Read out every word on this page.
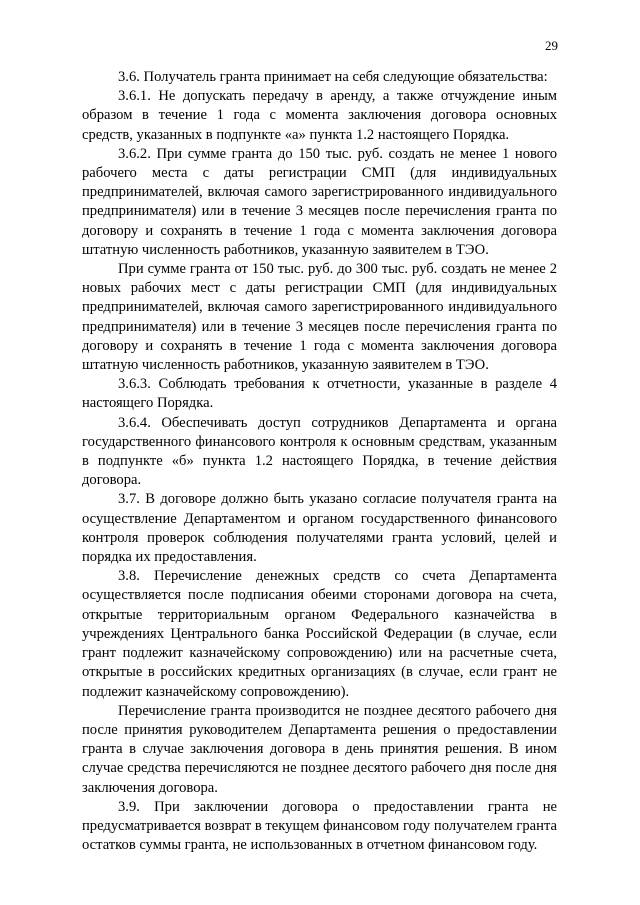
29

3.6. Получатель гранта принимает на себя следующие обязательства:

3.6.1. Не допускать передачу в аренду, а также отчуждение иным образом в течение 1 года с момента заключения договора основных средств, указанных в подпункте «а» пункта 1.2 настоящего Порядка.

3.6.2. При сумме гранта до 150 тыс. руб. создать не менее 1 нового рабочего места с даты регистрации СМП (для индивидуальных предпринимателей, включая самого зарегистрированного индивидуального предпринимателя) или в течение 3 месяцев после перечисления гранта по договору и сохранять в течение 1 года с момента заключения договора штатную численность работников, указанную заявителем в ТЭО.

При сумме гранта от 150 тыс. руб. до 300 тыс. руб. создать не менее 2 новых рабочих мест с даты регистрации СМП (для индивидуальных предпринимателей, включая самого зарегистрированного индивидуального предпринимателя) или в течение 3 месяцев после перечисления гранта по договору и сохранять в течение 1 года с момента заключения договора штатную численность работников, указанную заявителем в ТЭО.

3.6.3. Соблюдать требования к отчетности, указанные в разделе 4 настоящего Порядка.

3.6.4. Обеспечивать доступ сотрудников Департамента и органа государственного финансового контроля к основным средствам, указанным в подпункте «б» пункта 1.2 настоящего Порядка, в течение действия договора.

3.7. В договоре должно быть указано согласие получателя гранта на осуществление Департаментом и органом государственного финансового контроля проверок соблюдения получателями гранта условий, целей и порядка их предоставления.

3.8. Перечисление денежных средств со счета Департамента осуществляется после подписания обеими сторонами договора на счета, открытые территориальным органом Федерального казначейства в учреждениях Центрального банка Российской Федерации (в случае, если грант подлежит казначейскому сопровождению) или на расчетные счета, открытые в российских кредитных организациях (в случае, если грант не подлежит казначейскому сопровождению).

Перечисление гранта производится не позднее десятого рабочего дня после принятия руководителем Департамента решения о предоставлении гранта в случае заключения договора в день принятия решения. В ином случае средства перечисляются не позднее десятого рабочего дня после дня заключения договора.

3.9. При заключении договора о предоставлении гранта не предусматривается возврат в текущем финансовом году получателем гранта остатков суммы гранта, не использованных в отчетном финансовом году.
